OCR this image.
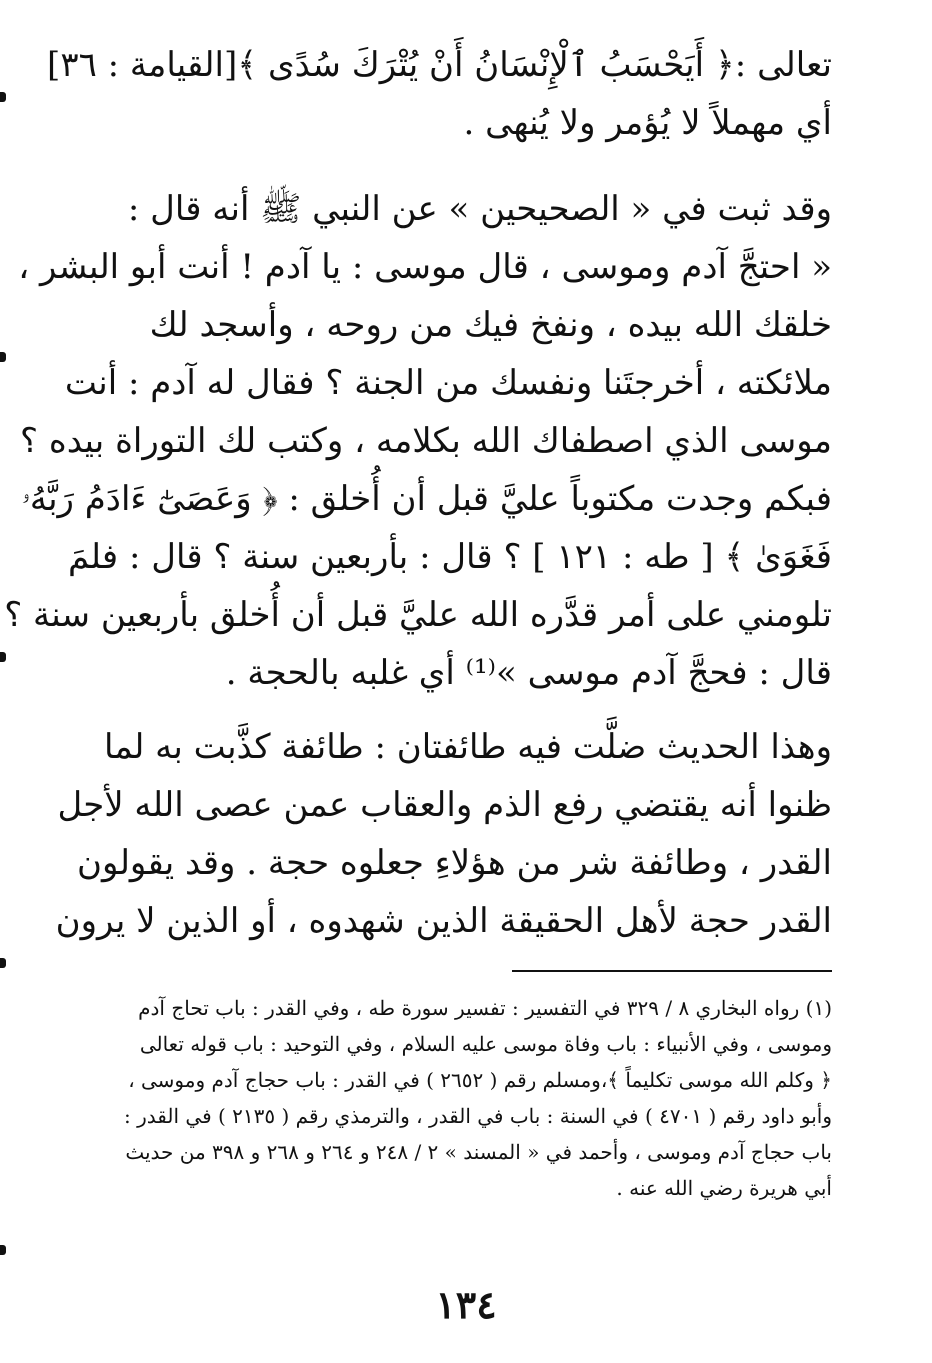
تعالى :﴿ أَيَحْسَبُ ٱلْإِنْسَانُ أَنْ يُتْرَكَ سُدًى ﴾[القيامة : ٣٦]
أي مهملاً لا يُؤمر ولا يُنهى .
وقد ثبت في « الصحيحين » عن النبي ﷺ أنه قال :
« احتجَّ آدم وموسى ، قال موسى : يا آدم ! أنت أبو البشر ،
خلقك الله بيده ، ونفخ فيك من روحه ، وأسجد لك
ملائكته ، أخرجتَنا ونفسك من الجنة ؟ فقال له آدم : أنت
موسى الذي اصطفاك الله بكلامه ، وكتب لك التوراة بيده ؟
فبكم وجدت مكتوباً عليَّ قبل أن أُخلق : ﴿ وَعَصَىٰٓ ءَادَمُ رَبَّهُۥ
فَغَوَىٰ ﴾ [ طه : ١٢١ ] ؟ قال : بأربعين سنة ؟ قال : فلمَ
تلومني على أمر قدَّره الله عليَّ قبل أن أُخلق بأربعين سنة ؟
قال : فحجَّ آدم موسى »⁽¹⁾ أي غلبه بالحجة .
وهذا الحديث ضلَّت فيه طائفتان : طائفة كذَّبت به لما
ظنوا أنه يقتضي رفع الذم والعقاب عمن عصى الله لأجل
القدر ، وطائفة شر من هؤلاءِ جعلوه حجة . وقد يقولون
القدر حجة لأهل الحقيقة الذين شهدوه ، أو الذين لا يرون
(١) رواه البخاري ٨ / ٣٢٩ في التفسير : تفسير سورة طه ، وفي القدر : باب تحاج آدم
وموسى ، وفي الأنبياء : باب وفاة موسى عليه السلام ، وفي التوحيد : باب قوله تعالى
﴿ وكلم الله موسى تكليماً ﴾،ومسلم رقم ( ٢٦٥٢ ) في القدر : باب حجاج آدم وموسى ،
وأبو داود رقم ( ٤٧٠١ ) في السنة : باب في القدر ، والترمذي رقم ( ٢١٣٥ ) في القدر :
باب حجاج آدم وموسى ، وأحمد في « المسند » ٢ / ٢٤٨ و ٢٦٤ و ٢٦٨ و ٣٩٨ من حديث
أبي هريرة رضي الله عنه .
١٣٤
